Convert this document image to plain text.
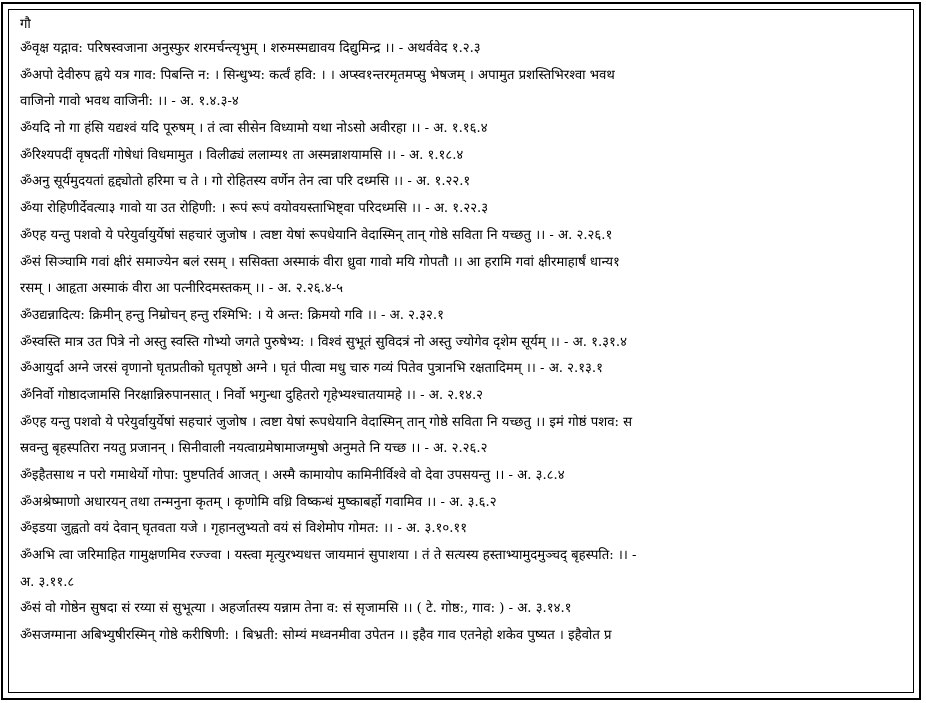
गौ
ॐवृक्ष यद्गाव: परिषस्वजाना अनुस्फुर शरमर्चन्त्यृभुम् । शरुमस्मद्यावय दिद्युमिन्द्र ।। - अथर्ववेद १.२.३
ॐअपो देवीरुप ह्वये यत्र गाव: पिबन्ति न: । सिन्धुभ्य: कर्त्वं हवि: । । अप्स्व१न्तरमृतमप्सु भेषजम् । अपामुत प्रशस्तिभिरश्वा भवथ
वाजिनो गावो भवथ वाजिनी: ।। - अ. १.४.३-४
ॐयदि नो गा हंसि यद्यश्वं यदि पूरुषम् । तं त्वा सीसेन विध्यामो यथा नोऽसो अवीरहा ।। - अ. १.१६.४
ॐरिश्यपदीं वृषदतीं गोषेधां विधमामुत । विलीढ्यं ललाम्य१ ता अस्मन्नाशयामसि ।। - अ. १.१८.४
ॐअनु सूर्यमुदयतां हृद्द्योतो हरिमा च ते । गो रोहितस्य वर्णेन तेन त्वा परि दध्मसि ।। - अ. १.२२.१
ॐया रोहिणीर्देवत्या३ गावो या उत रोहिणी: । रूपं रूपं वयोवयस्ताभिष्ट्वा परिदध्मसि ।। - अ. १.२२.३
ॐएह यन्तु पशवो ये परेयुर्वायुर्येषां सहचारं जुजोष । त्वष्टा येषां रूपधेयानि वेदास्मिन् तान् गोष्ठे सविता नि यच्छतु ।। - अ. २.२६.१
ॐसं सिञ्चामि गवां क्षीरं समाज्येन बलं रसम् । ससिक्ता अस्माकं वीरा ध्रुवा गावो मयि गोपतौ ।। आ हरामि गवां क्षीरमाहार्षं धान्य१
रसम् । आहृता अस्माकं वीरा आ पत्नीरिदमस्तकम् ।। - अ. २.२६.४-५
ॐउद्यन्नादित्य: क्रिमीन् हन्तु निम्रोचन् हन्तु रश्मिभि: । ये अन्त: क्रिमयो गवि ।। - अ. २.३२.१
ॐस्वस्ति मात्र उत पित्रे नो अस्तु स्वस्ति गोभ्यो जगते पुरुषेभ्य: । विश्वं सुभूतं सुविदत्रं नो अस्तु ज्योगेव दृशेम सूर्यम् ।। - अ. १.३१.४
ॐआयुर्दा अग्ने जरसं वृणानो घृतप्रतीको घृतपृष्ठो अग्ने । घृतं पीत्वा मधु चारु गव्यं पितेव पुत्रानभि रक्षतादिमम् ।। - अ. २.१३.१
ॐनिर्वो गोष्ठादजामसि निरक्षान्निरुपानसात् । निर्वो भगुन्धा दुहितरो गृहेभ्यश्चातयामहे ।। - अ. २.१४.२
ॐएह यन्तु पशवो ये परेयुर्वायुर्येषां सहचारं जुजोष । त्वष्टा येषां रूपधेयानि वेदास्मिन् तान् गोष्ठे सविता नि यच्छतु ।। इमं गोष्ठं पशव: स
स्रवन्तु बृहस्पतिरा नयतु प्रजानन् । सिनीवाली नयत्वाग्रमेषामाजग्मुषो अनुमते नि यच्छ ।। - अ. २.२६.२
ॐइहैतसाथ न परो गमाथेर्यो गोपा: पुष्टपतिर्व आजत् । अस्मै कामायोप कामिनीर्विश्वे वो देवा उपसयन्तु ।। - अ. ३.८.४
ॐअश्रेष्माणो अधारयन् तथा तन्मनुना कृतम् । कृणोमि वध्रि विष्कन्धं मुष्काबर्हो गवामिव ।। - अ. ३.६.२
ॐइडया जुह्वतो वयं देवान् घृतवता यजे । गृहानलुभ्यतो वयं सं विशेमोप गोमत: ।। - अ. ३.१०.११
ॐअभि त्वा जरिमाहित गामुक्षणमिव रज्ज्वा । यस्त्वा मृत्युरभ्यधत्त जायमानं सुपाशया । तं ते सत्यस्य हस्ताभ्यामुदमुञ्चद् बृहस्पति: ।। -
अ. ३.११.८
ॐसं वो गोष्ठेन सुषदा सं रय्या सं सुभूत्या । अहर्जातस्य यन्नाम तेना व: सं सृजामसि ।। ( टे. गोष्ठ:, गाव: ) - अ. ३.१४.१
ॐसजग्माना अबिभ्युषीरस्मिन् गोष्ठे करीषिणी: । बिभ्रती: सोम्यं मध्वनमीवा उपेतन ।। इहैव गाव एतनेहो शकेव पुष्यत । इहैवोत प्र
